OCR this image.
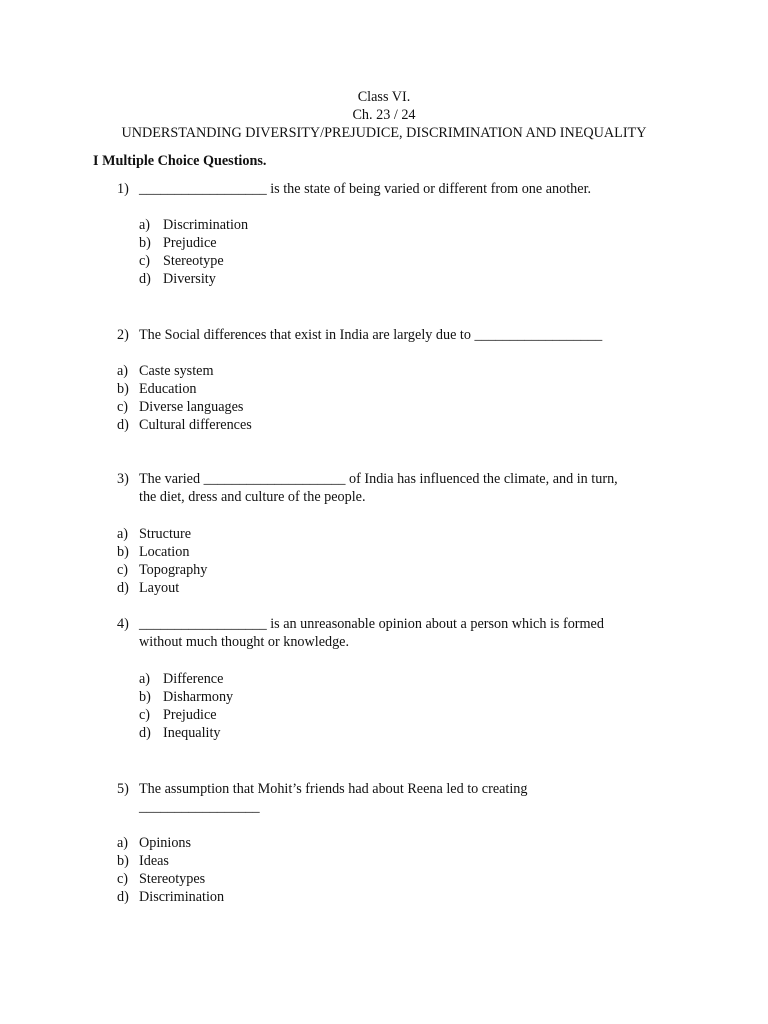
Class VI.
Ch. 23 / 24
UNDERSTANDING DIVERSITY/PREJUDICE, DISCRIMINATION AND INEQUALITY
I Multiple Choice Questions.
1) __________________ is the state of being varied or different from one another.
a) Discrimination
b) Prejudice
c) Stereotype
d) Diversity
2) The Social differences that exist in India are largely due to __________________
a) Caste system
b) Education
c) Diverse languages
d) Cultural differences
3) The varied ____________________ of India has influenced the climate, and in turn,
the diet, dress and culture of the people.
a) Structure
b) Location
c) Topography
d) Layout
4) __________________ is an unreasonable opinion about a person which is formed
without much thought or knowledge.
a) Difference
b) Disharmony
c) Prejudice
d) Inequality
5) The assumption that Mohit’s friends had about Reena led to creating
_________________
a) Opinions
b) Ideas
c) Stereotypes
d) Discrimination
